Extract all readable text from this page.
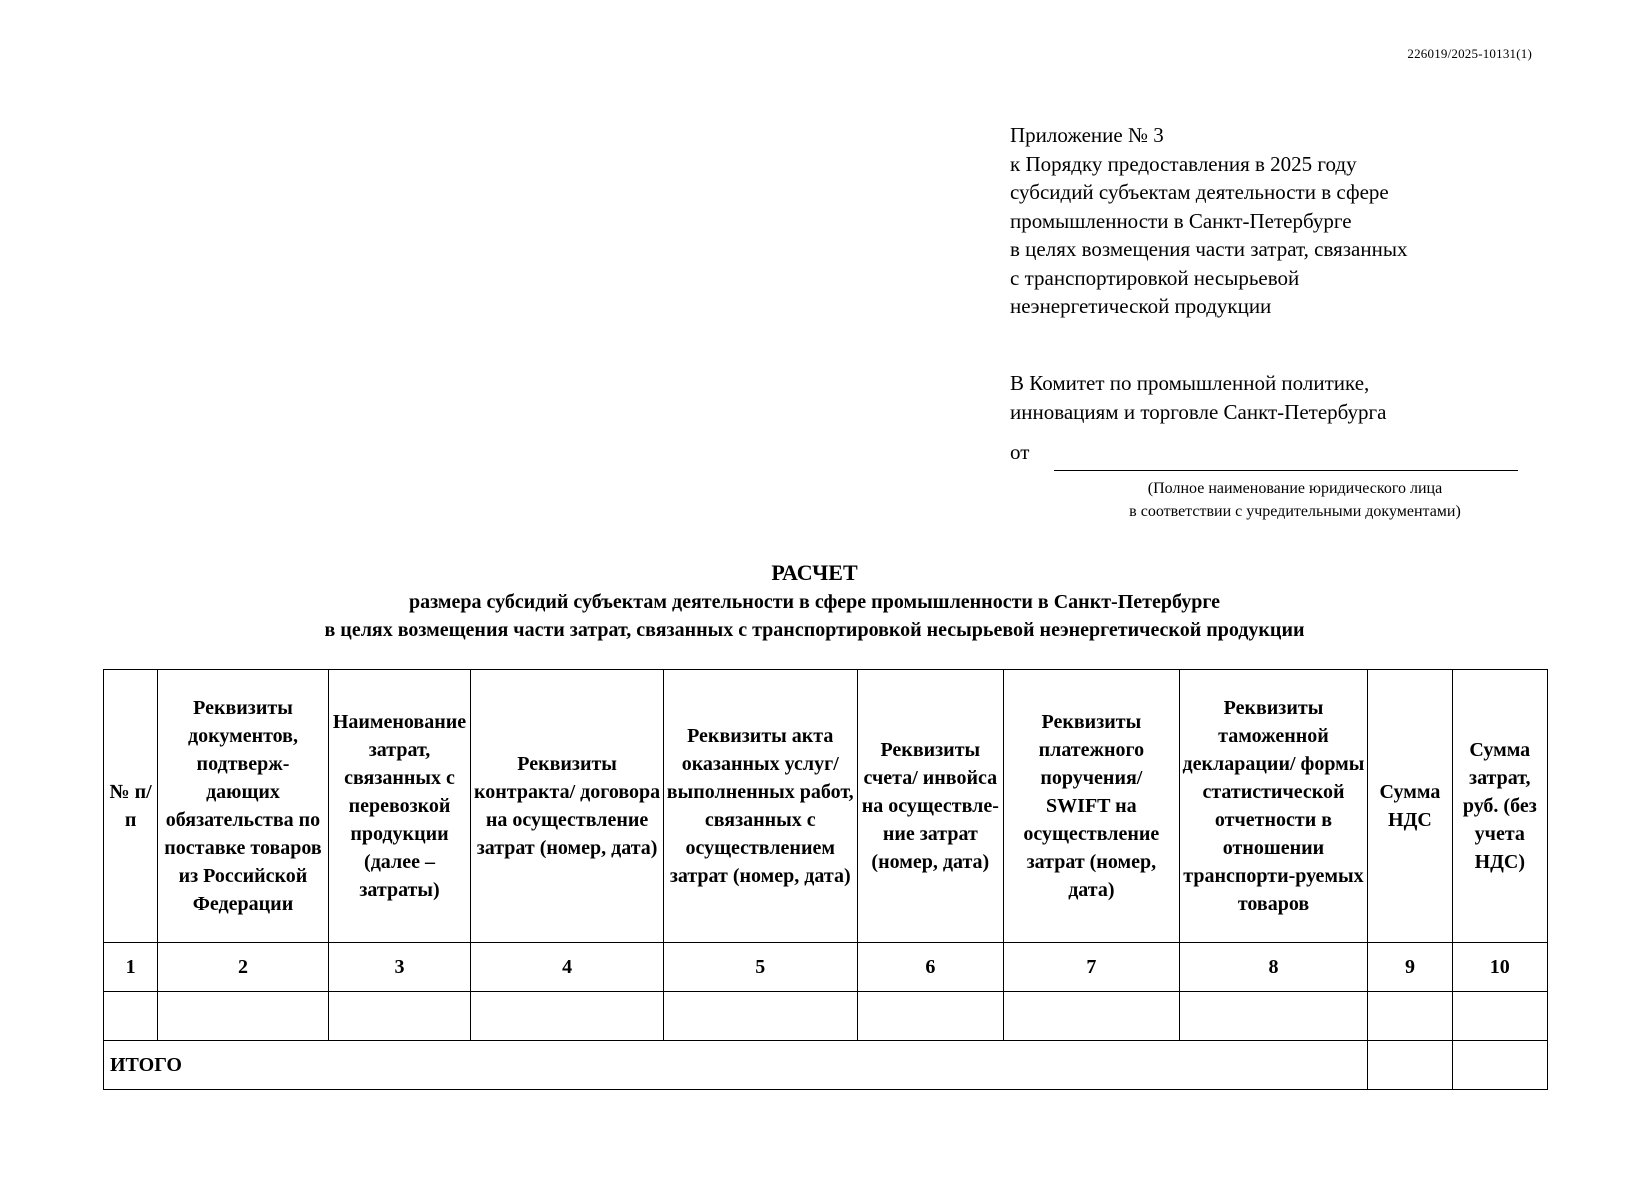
226019/2025-10131(1)
Приложение № 3
к Порядку предоставления в 2025 году
субсидий субъектам деятельности в сфере
промышленности в Санкт-Петербурге
в целях возмещения части затрат, связанных
с транспортировкой несырьевой
неэнергетической продукции
В Комитет по промышленной политике,
инновациям и торговле Санкт-Петербурга
от
(Полное наименование юридического лица
в соответствии с учредительными документами)
РАСЧЕТ
размера субсидий субъектам деятельности в сфере промышленности в Санкт-Петербурге
в целях возмещения части затрат, связанных с транспортировкой несырьевой неэнергетической продукции
№ п/п	Реквизиты документов, подтверж-дающих обязательства по поставке товаров из Российской Федерации	Наименование затрат, связанных с перевозкой продукции (далее – затраты)	Реквизиты контракта/ договора на осуществление затрат (номер, дата)	Реквизиты акта оказанных услуг/ выполненных работ, связанных с осуществлением затрат (номер, дата)	Реквизиты счета/ инвойса на осуществле-ние затрат (номер, дата)	Реквизиты платежного поручения/ SWIFT на осуществление затрат (номер, дата)	Реквизиты таможенной декларации/ формы статистической отчетности в отношении транспорти-руемых товаров	Сумма НДС	Сумма затрат, руб. (без учета НДС)
1	2	3	4	5	6	7	8	9	10

ИТОГО									
